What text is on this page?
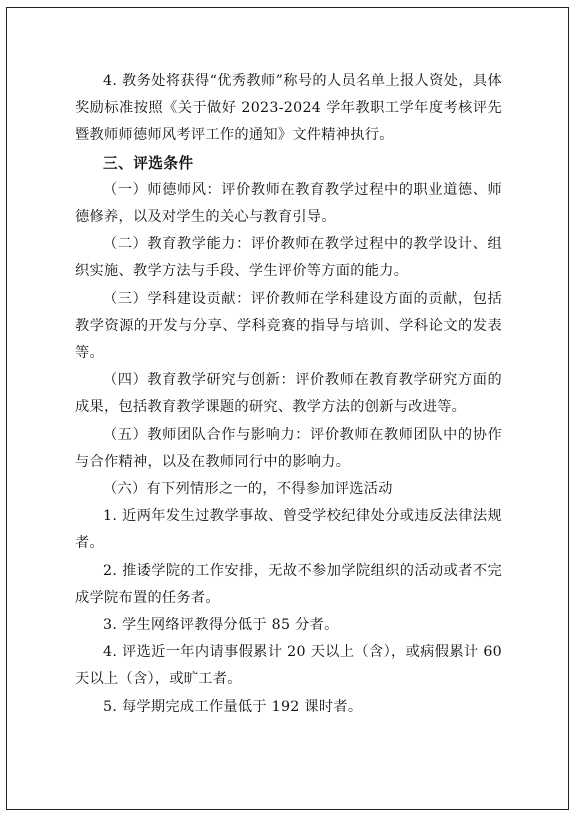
4. 教务处将获得“优秀教师”称号的人员名单上报人资处，具体奖励标准按照《关于做好 2023-2024 学年教职工学年度考核评先暨教师师德师风考评工作的通知》文件精神执行。

三、评选条件

（一）师德师风：评价教师在教育教学过程中的职业道德、师德修养，以及对学生的关心与教育引导。

（二）教育教学能力：评价教师在教学过程中的教学设计、组织实施、教学方法与手段、学生评价等方面的能力。

（三）学科建设贡献：评价教师在学科建设方面的贡献，包括教学资源的开发与分享、学科竞赛的指导与培训、学科论文的发表等。

（四）教育教学研究与创新：评价教师在教育教学研究方面的成果，包括教育教学课题的研究、教学方法的创新与改进等。

（五）教师团队合作与影响力：评价教师在教师团队中的协作与合作精神，以及在教师同行中的影响力。

（六）有下列情形之一的，不得参加评选活动

1. 近两年发生过教学事故、曾受学校纪律处分或违反法律法规者。

2. 推诿学院的工作安排，无故不参加学院组织的活动或者不完成学院布置的任务者。

3. 学生网络评教得分低于 85 分者。

4. 评选近一年内请事假累计 20 天以上（含），或病假累计 60 天以上（含），或旷工者。

5. 每学期完成工作量低于 192 课时者。
